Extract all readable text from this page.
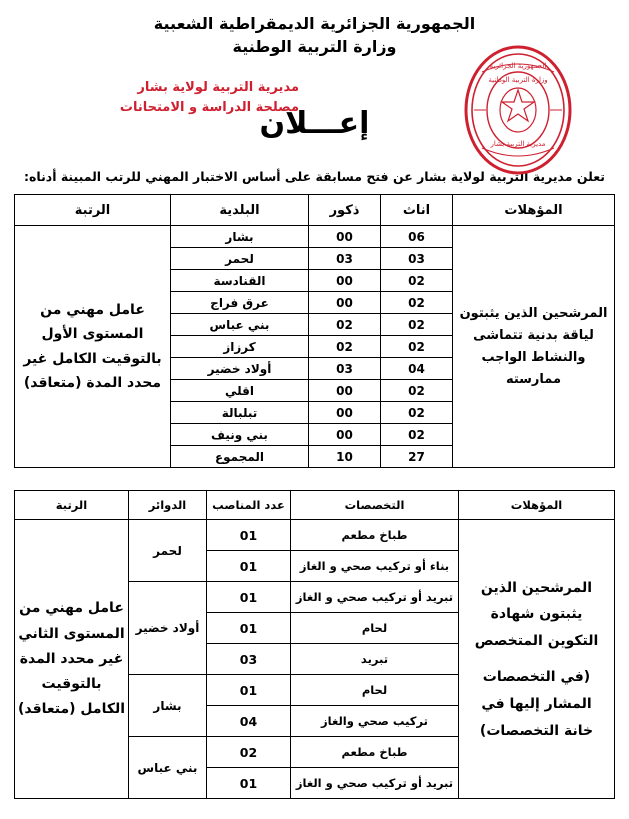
الجمهورية الجزائرية الديمقراطية الشعبية
وزارة التربية الوطنية
مديرية التربية لولاية بشار
مصلحة الدراسة و الامتحانات
الجمهورية الجزائرية
وزارة التربية الوطنية
مديرية التربية بشار
إعـــلان
تعلن مديرية التربية لولاية بشار عن فتح مسابقة على أساس الاختبار المهني للرتب المبينة أدناه:
المؤهلات	اناث	ذكور	البلدية	الرتبة
المرشحين الذين يثبتون لياقة بدنية تتماشى والنشاط الواجب ممارسته	06	00	بشار	عامل مهني من المستوى الأول بالتوقيت الكامل غير محدد المدة (متعاقد)
	03	03	لحمر	
	02	00	القنادسة	
	02	00	عرق فراج	
	02	02	بني عباس	
	02	02	كرزاز	
	04	03	أولاد خضير	
	02	00	اقلي	
	02	00	تبلبالة	
	02	00	بني ونيف	
	27	10	المجموع	
المؤهلات	التخصصات	عدد المناصب	الدوائر	الرتبة

المرشحين الذين يثبتون شهادة التكوين المتخصص
(في التخصصات المشار إليها في خانة التخصصات)	طباخ مطعم	01	لحمر	عامل مهني من المستوى الثاني غير محدد المدة بالتوقيت الكامل (متعاقد)
	بناء أو تركيب صحي و الغاز	01		
	تبريد أو تركيب صحي و الغاز	01	أولاد خضير	
	لحام	01		
	تبريد	03		
	لحام	01	بشار	
	تركيب صحي والغاز	04		
	طباخ مطعم	02	بني عباس	
	تبريد أو تركيب صحي و الغاز	01		
